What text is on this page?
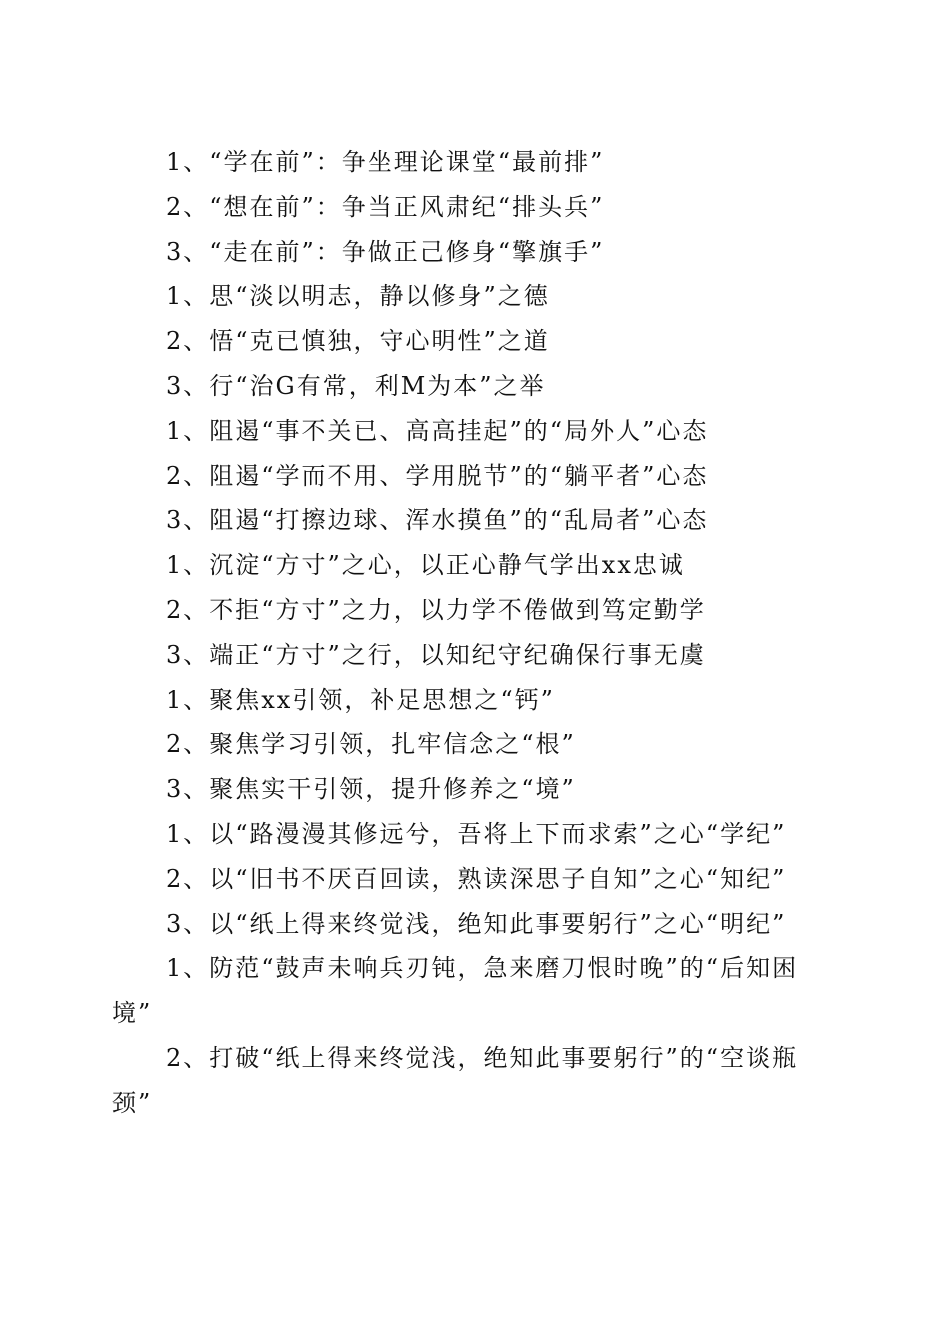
1、“学在前”：争坐理论课堂“最前排”

2、“想在前”：争当正风肃纪“排头兵”

3、“走在前”：争做正己修身“擎旗手”

1、思“淡以明志，静以修身”之德

2、悟“克已慎独，守心明性”之道

3、行“治G有常，利M为本”之举

1、阻遏“事不关已、高高挂起”的“局外人”心态

2、阻遏“学而不用、学用脱节”的“躺平者”心态

3、阻遏“打擦边球、浑水摸鱼”的“乱局者”心态

1、沉淀“方寸”之心，以正心静气学出xx忠诚

2、不拒“方寸”之力，以力学不倦做到笃定勤学

3、端正“方寸”之行，以知纪守纪确保行事无虞

1、聚焦xx引领，补足思想之“钙”

2、聚焦学习引领，扎牢信念之“根”

3、聚焦实干引领，提升修养之“境”

1、以“路漫漫其修远兮，吾将上下而求索”之心“学纪”

2、以“旧书不厌百回读，熟读深思子自知”之心“知纪”

3、以“纸上得来终觉浅，绝知此事要躬行”之心“明纪”

1、防范“鼓声未响兵刃钝，急来磨刀恨时晚”的“后知困境”

2、打破“纸上得来终觉浅，绝知此事要躬行”的“空谈瓶颈”
